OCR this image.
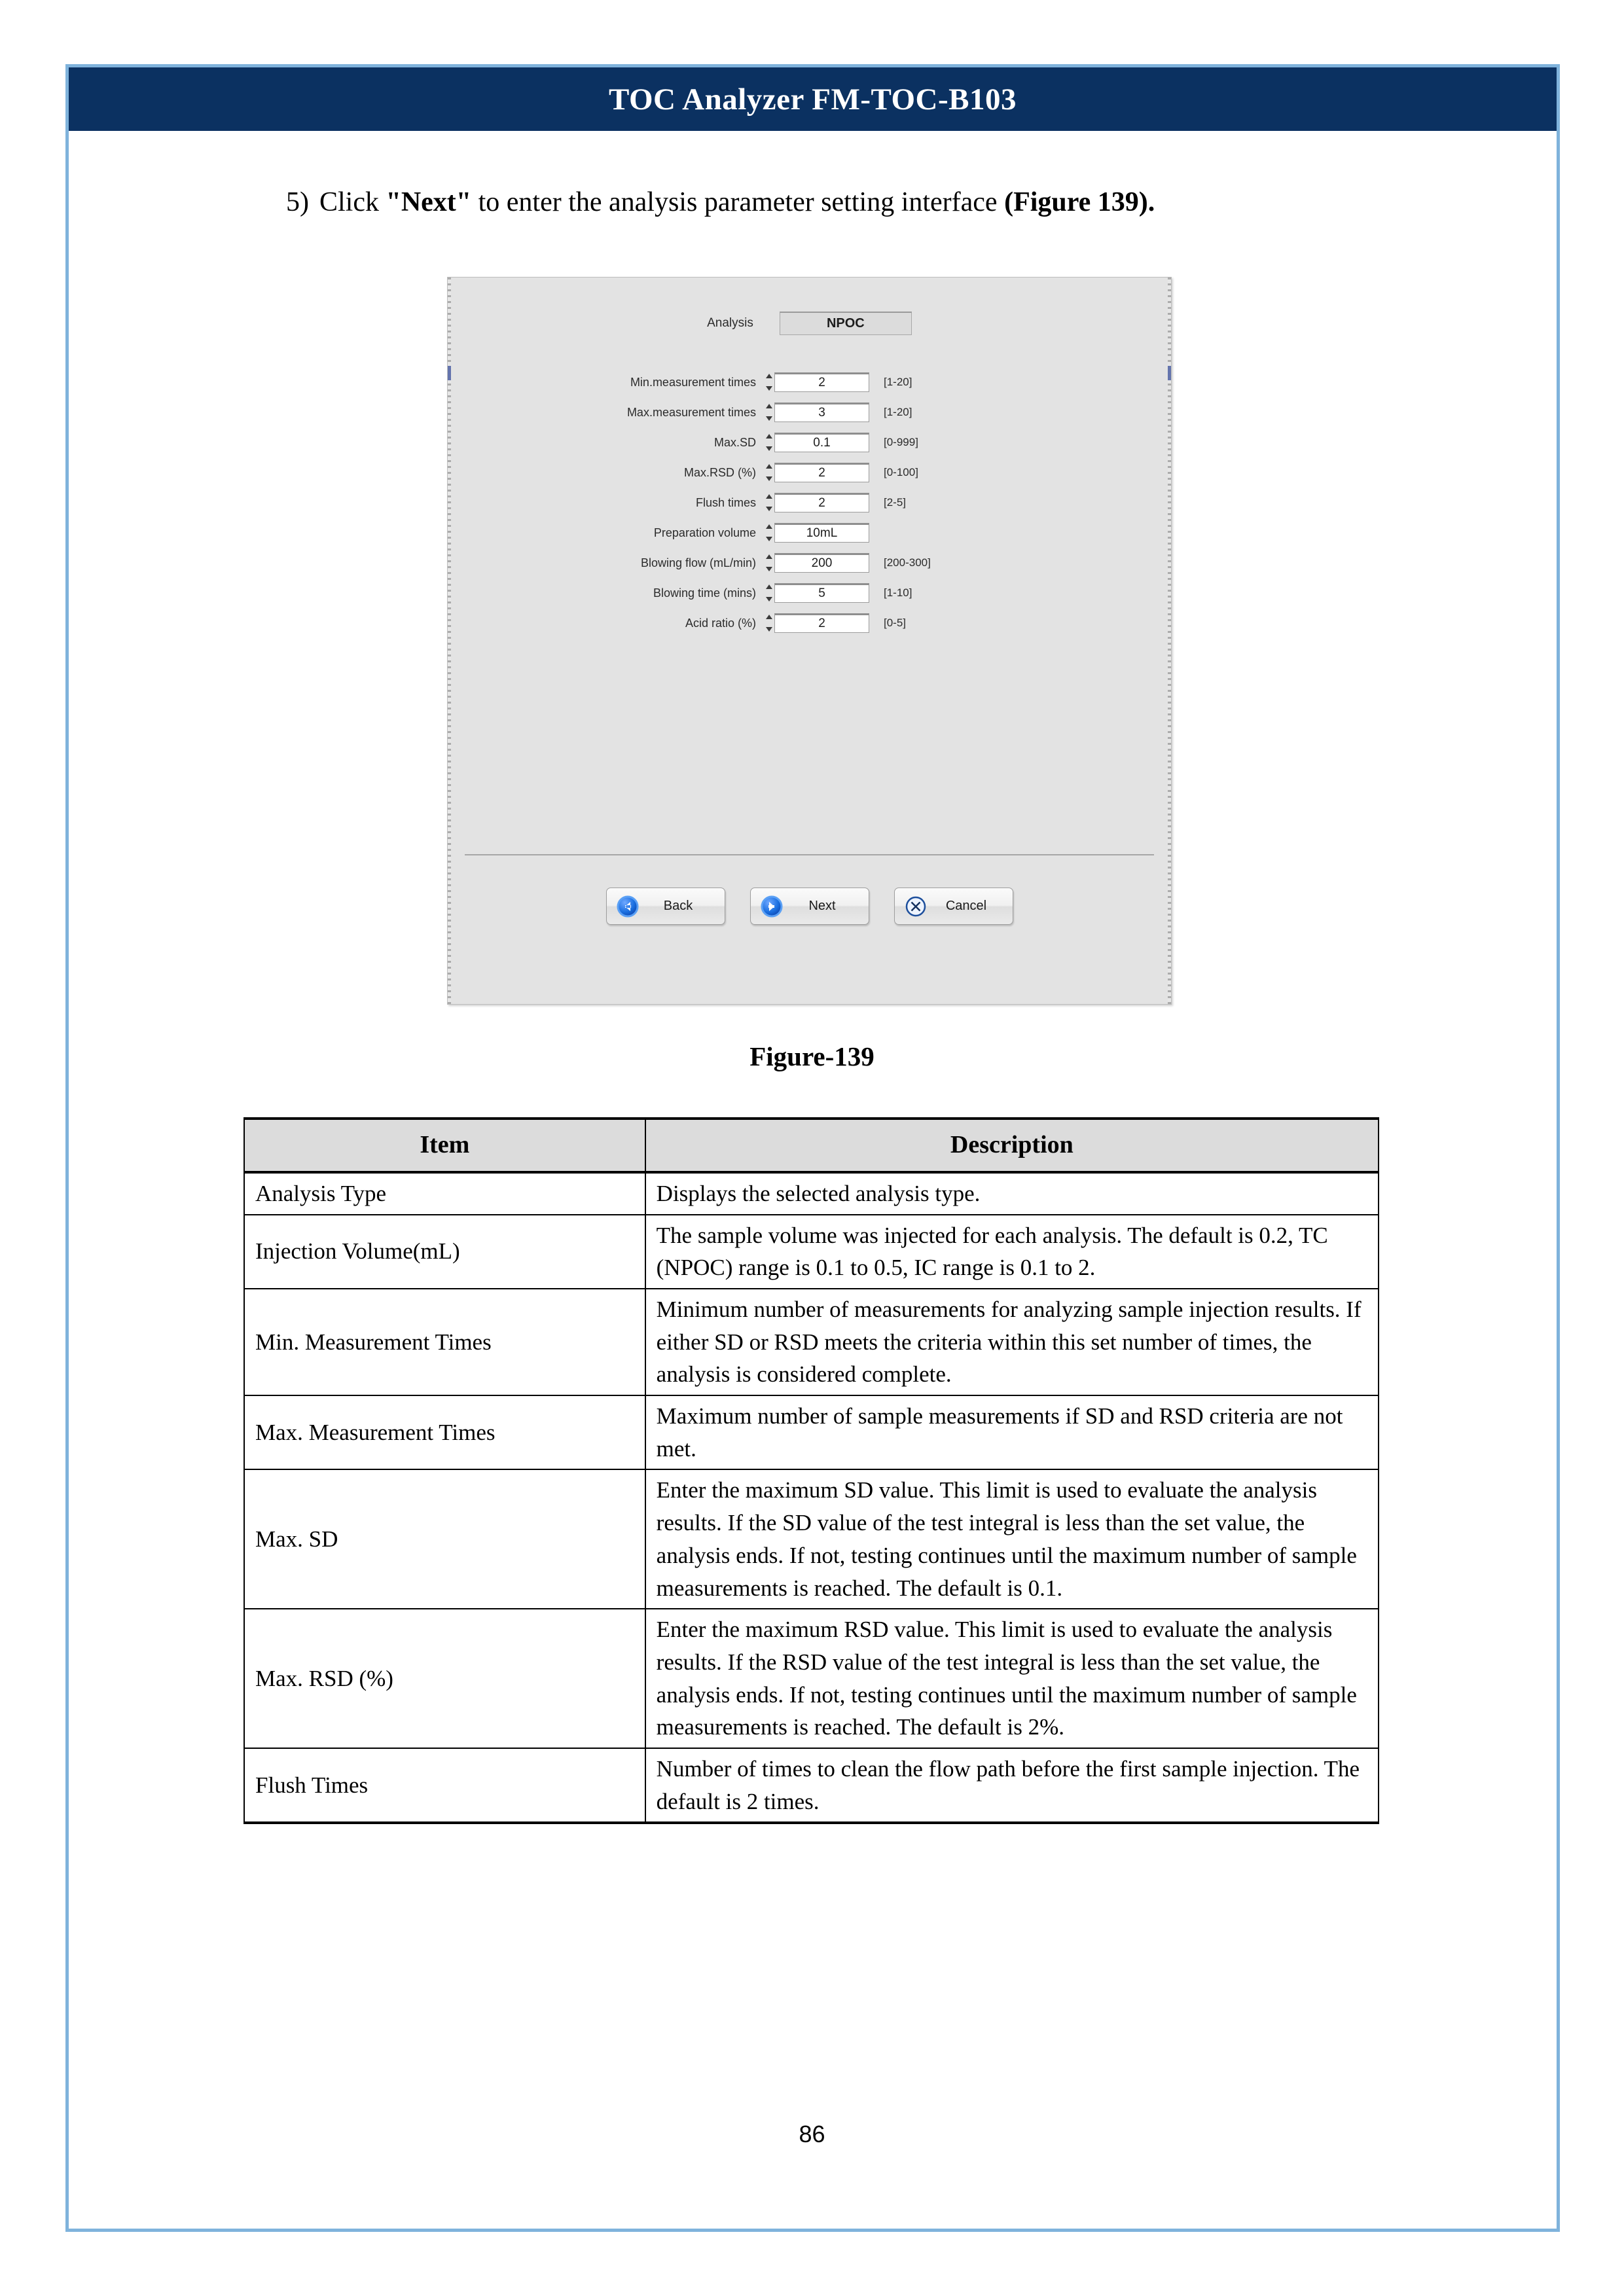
TOC Analyzer FM-TOC-B103
5) Click "Next" to enter the analysis parameter setting interface (Figure 139).
Analysis	NPOC
Min.measurement times	2	[1-20]
Max.measurement times	3	[1-20]
Max.SD	0.1	[0-999]
Max.RSD (%)	2	[0-100]
Flush times	2	[2-5]
Preparation volume	10mL
Blowing flow (mL/min)	200	[200-300]
Blowing time (mins)	5	[1-10]
Acid ratio (%)	2	[0-5]
Back	Next	Cancel
Figure-139
Item	Description
Analysis Type	Displays the selected analysis type.
Injection Volume(mL)	The sample volume was injected for each analysis. The default is 0.2, TC (NPOC) range is 0.1 to 0.5, IC range is 0.1 to 2.
Min. Measurement Times	Minimum number of measurements for analyzing sample injection results. If either SD or RSD meets the criteria within this set number of times, the analysis is considered complete.
Max. Measurement Times	Maximum number of sample measurements if SD and RSD criteria are not met.
Max. SD	Enter the maximum SD value. This limit is used to evaluate the analysis results. If the SD value of the test integral is less than the set value, the analysis ends. If not, testing continues until the maximum number of sample measurements is reached. The default is 0.1.
Max. RSD (%)	Enter the maximum RSD value. This limit is used to evaluate the analysis results. If the RSD value of the test integral is less than the set value, the analysis ends. If not, testing continues until the maximum number of sample measurements is reached. The default is 2%.
Flush Times	Number of times to clean the flow path before the first sample injection. The default is 2 times.
86
